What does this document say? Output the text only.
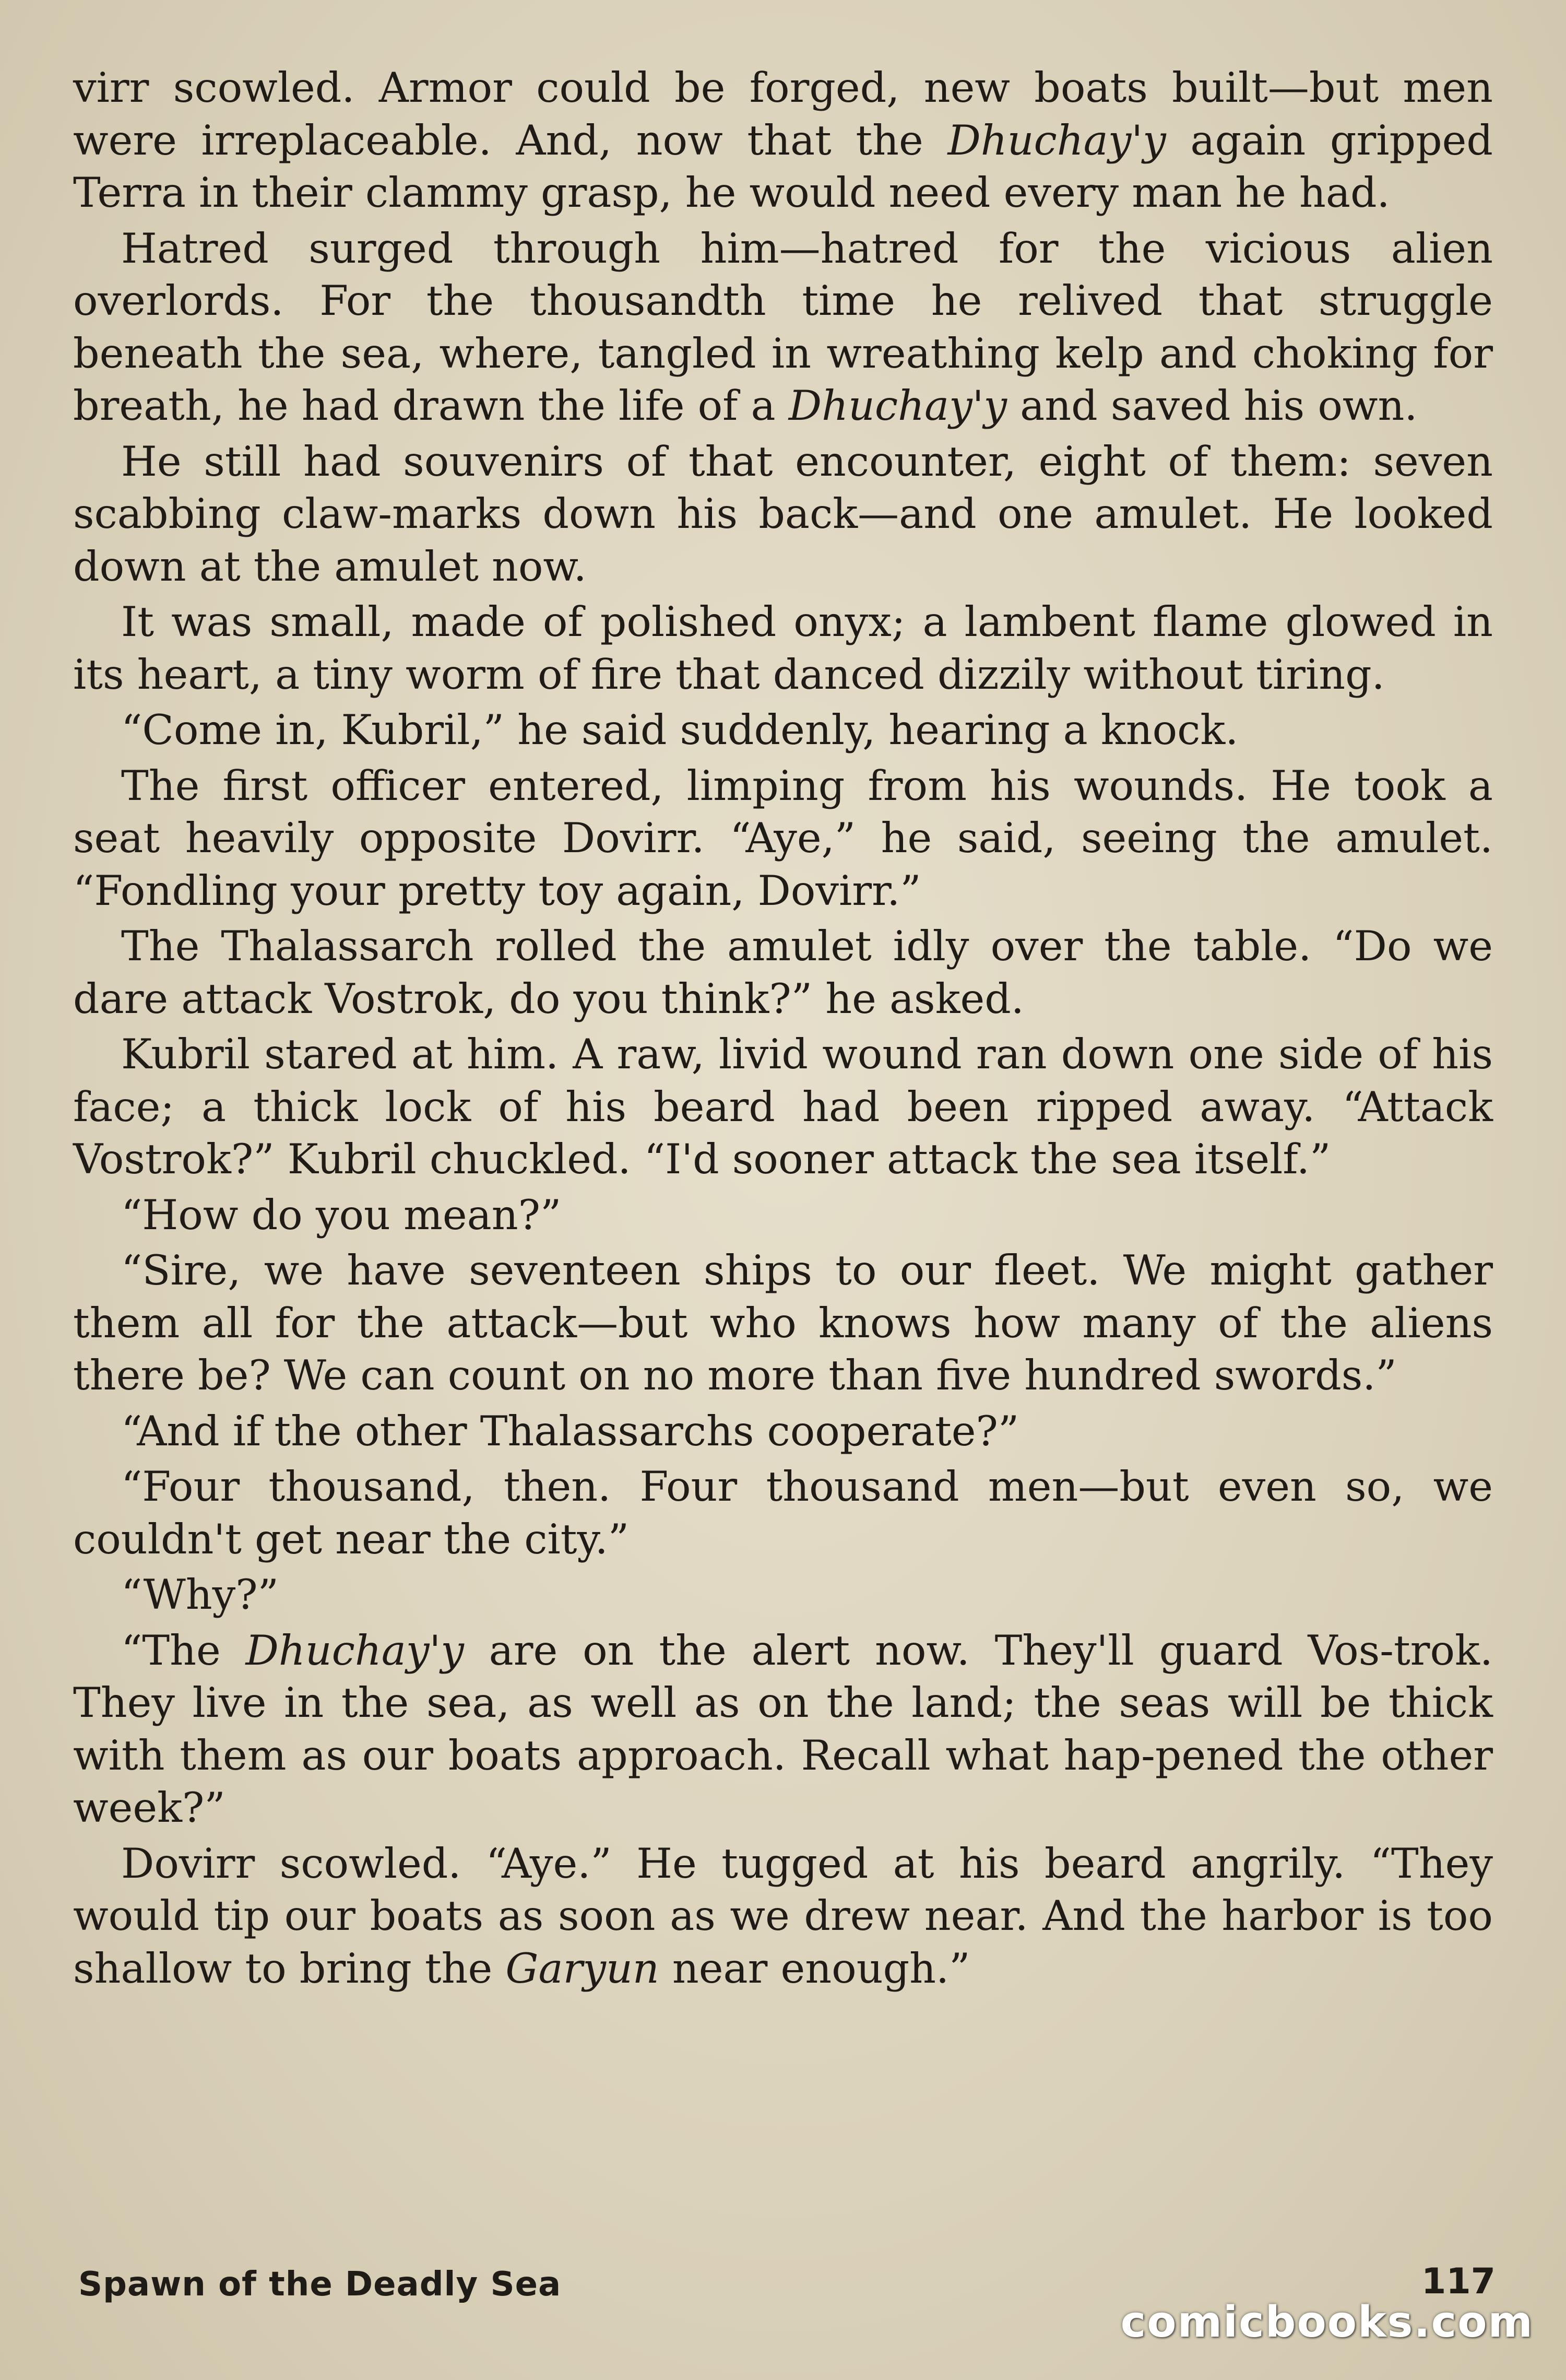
virr scowled. Armor could be forged, new boats built—but men were irreplaceable. And, now that the Dhuchay'y again gripped Terra in their clammy grasp, he would need every man he had.

Hatred surged through him—hatred for the vicious alien overlords. For the thousandth time he relived that struggle beneath the sea, where, tangled in wreathing kelp and choking for breath, he had drawn the life of a Dhuchay'y and saved his own.

He still had souvenirs of that encounter, eight of them: seven scabbing claw-marks down his back—and one amulet. He looked down at the amulet now.

It was small, made of polished onyx; a lambent flame glowed in its heart, a tiny worm of fire that danced dizzily without tiring.

“Come in, Kubril,” he said suddenly, hearing a knock.

The first officer entered, limping from his wounds. He took a seat heavily opposite Dovirr. “Aye,” he said, seeing the amulet. “Fondling your pretty toy again, Dovirr.”

The Thalassarch rolled the amulet idly over the table. “Do we dare attack Vostrok, do you think?” he asked.

Kubril stared at him. A raw, livid wound ran down one side of his face; a thick lock of his beard had been ripped away. “Attack Vostrok?” Kubril chuckled. “I'd sooner attack the sea itself.”

“How do you mean?”

“Sire, we have seventeen ships to our fleet. We might gather them all for the attack—but who knows how many of the aliens there be? We can count on no more than five hundred swords.”

“And if the other Thalassarchs cooperate?”

“Four thousand, then. Four thousand men—but even so, we couldn't get near the city.”

“Why?”

“The Dhuchay'y are on the alert now. They'll guard Vos-trok. They live in the sea, as well as on the land; the seas will be thick with them as our boats approach. Recall what hap-pened the other week?”

Dovirr scowled. “Aye.” He tugged at his beard angrily. “They would tip our boats as soon as we drew near. And the harbor is too shallow to bring the Garyun near enough.”

Spawn of the Deadly Sea	117
comicbooks.com
